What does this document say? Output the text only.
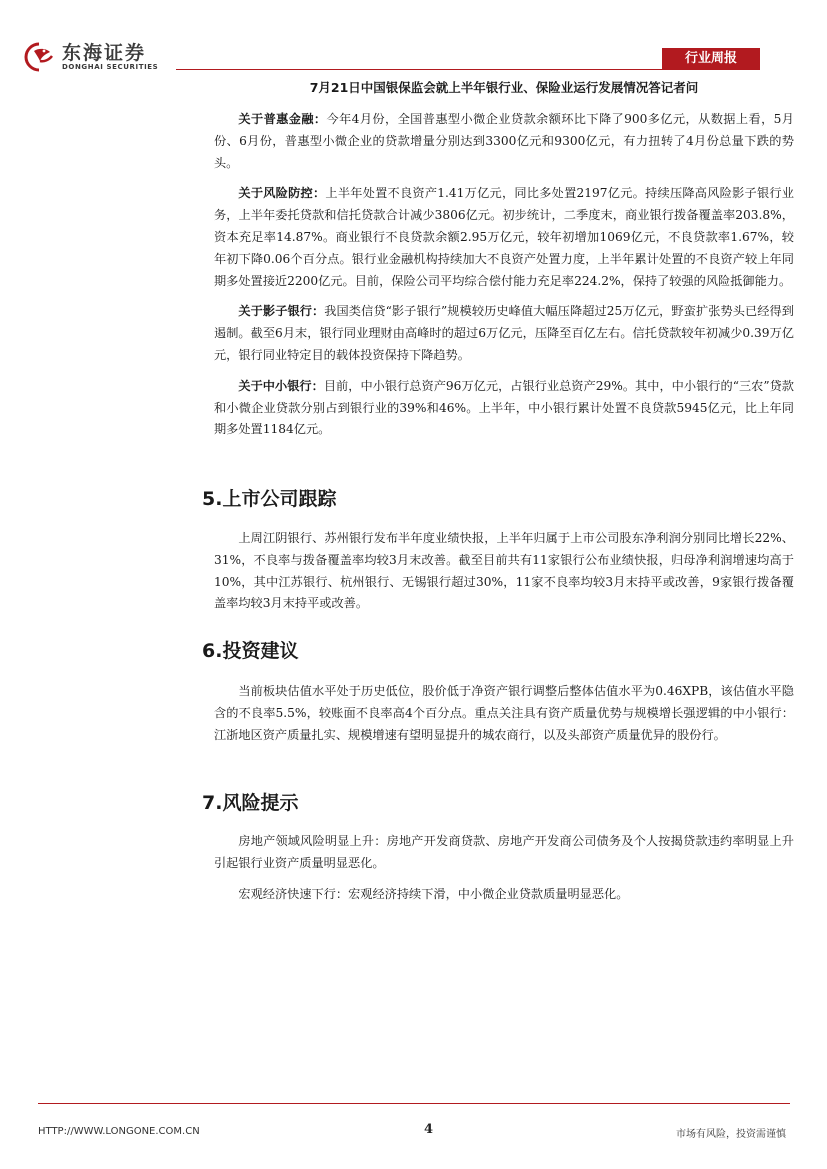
东海证券
DONGHAI SECURITIES
行业周报
7月21日中国银保监会就上半年银行业、保险业运行发展情况答记者问

关于普惠金融：今年4月份，全国普惠型小微企业贷款余额环比下降了900多亿元，从数据上看，5月份、6月份，普惠型小微企业的贷款增量分别达到3300亿元和9300亿元，有力扭转了4月份总量下跌的势头。

关于风险防控：上半年处置不良资产1.41万亿元，同比多处置2197亿元。持续压降高风险影子银行业务，上半年委托贷款和信托贷款合计减少3806亿元。初步统计，二季度末，商业银行拨备覆盖率203.8%，资本充足率14.87%。商业银行不良贷款余额2.95万亿元，较年初增加1069亿元，不良贷款率1.67%，较年初下降0.06个百分点。银行业金融机构持续加大不良资产处置力度，上半年累计处置的不良资产较上年同期多处置接近2200亿元。目前，保险公司平均综合偿付能力充足率224.2%，保持了较强的风险抵御能力。

关于影子银行：我国类信贷“影子银行”规模较历史峰值大幅压降超过25万亿元，野蛮扩张势头已经得到遏制。截至6月末，银行同业理财由高峰时的超过6万亿元，压降至百亿左右。信托贷款较年初减少0.39万亿元，银行同业特定目的载体投资保持下降趋势。

关于中小银行：目前，中小银行总资产96万亿元，占银行业总资产29%。其中，中小银行的“三农”贷款和小微企业贷款分别占到银行业的39%和46%。上半年，中小银行累计处置不良贷款5945亿元，比上年同期多处置1184亿元。

5.上市公司跟踪

上周江阴银行、苏州银行发布半年度业绩快报，上半年归属于上市公司股东净利润分别同比增长22%、31%，不良率与拨备覆盖率均较3月末改善。截至目前共有11家银行公布业绩快报，归母净利润增速均高于10%，其中江苏银行、杭州银行、无锡银行超过30%，11家不良率均较3月末持平或改善，9家银行拨备覆盖率均较3月末持平或改善。

6.投资建议

当前板块估值水平处于历史低位，股价低于净资产银行调整后整体估值水平为0.46XPB，该估值水平隐含的不良率5.5%，较账面不良率高4个百分点。重点关注具有资产质量优势与规模增长强逻辑的中小银行：江浙地区资产质量扎实、规模增速有望明显提升的城农商行，以及头部资产质量优异的股份行。

7.风险提示

房地产领域风险明显上升：房地产开发商贷款、房地产开发商公司债务及个人按揭贷款违约率明显上升引起银行业资产质量明显恶化。

宏观经济快速下行：宏观经济持续下滑，中小微企业贷款质量明显恶化。

HTTP://WWW.LONGONE.COM.CN	4	市场有风险，投资需谨慎
